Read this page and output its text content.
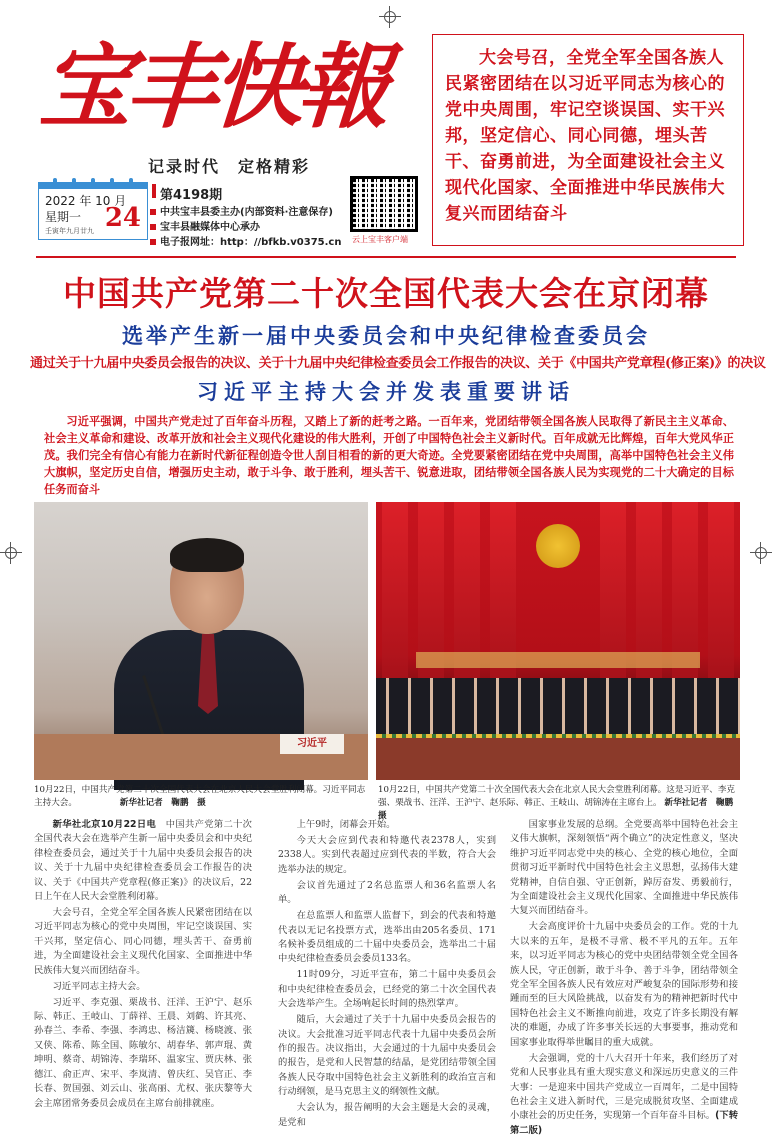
宝丰快報
记录时代　定格精彩
2022 年 10 月
星期一
壬寅年九月廿九 24
第4198期
中共宝丰县委主办(内部资料·注意保存)
宝丰县融媒体中心承办
电子报网址：http：//bfkb.v0375.cn 云上宝丰客户端

大会号召，全党全军全国各族人民紧密团结在以习近平同志为核心的党中央周围，牢记空谈误国、实干兴邦，坚定信心、同心同德，埋头苦干、奋勇前进，为全面建设社会主义现代化国家、全面推进中华民族伟大复兴而团结奋斗

中国共产党第二十次全国代表大会在京闭幕
选举产生新一届中央委员会和中央纪律检查委员会
通过关于十九届中央委员会报告的决议、关于十九届中央纪律检查委员会工作报告的决议、关于《中国共产党章程(修正案)》的决议
习近平主持大会并发表重要讲话
习近平强调，中国共产党走过了百年奋斗历程，又踏上了新的赶考之路。一百年来，党团结带领全国各族人民取得了新民主主义革命、社会主义革命和建设、改革开放和社会主义现代化建设的伟大胜利，开创了中国特色社会主义新时代。百年成就无比辉煌，百年大党风华正茂。我们完全有信心有能力在新时代新征程创造令世人刮目相看的新的更大奇迹。全党要紧密团结在党中央周围，高举中国特色社会主义伟大旗帜，坚定历史自信，增强历史主动，敢于斗争、敢于胜利，埋头苦干、锐意进取，团结带领全国各族人民为实现党的二十大确定的目标任务而奋斗
习近平
10月22日，中国共产党第二十次全国代表大会在北京人民大会堂胜利闭幕。习近平同志主持大会。	新华社记者　鞠鹏　摄
10月22日，中国共产党第二十次全国代表大会在北京人民大会堂胜利闭幕。这是习近平、李克强、栗战书、汪洋、王沪宁、赵乐际、韩正、王岐山、胡锦涛在主席台上。 新华社记者　鞠鹏　摄

新华社北京10月22日电　中国共产党第二十次全国代表大会在选举产生新一届中央委员会和中央纪律检查委员会，通过关于十九届中央委员会报告的决议、关于十九届中央纪律检查委员会工作报告的决议、关于《中国共产党章程(修正案)》的决议后，22日上午在人民大会堂胜利闭幕。

大会号召，全党全军全国各族人民紧密团结在以习近平同志为核心的党中央周围，牢记空谈误国、实干兴邦，坚定信心、同心同德，埋头苦干、奋勇前进，为全面建设社会主义现代化国家、全面推进中华民族伟大复兴而团结奋斗。

习近平同志主持大会。

习近平、李克强、栗战书、汪洋、王沪宁、赵乐际、韩正、王岐山、丁薛祥、王晨、刘鹤、许其亮、孙春兰、李希、李强、李鸿忠、杨洁篪、杨晓渡、张又侠、陈希、陈全国、陈敏尔、胡春华、郭声琨、黄坤明、蔡奇、胡锦涛、李瑞环、温家宝、贾庆林、张德江、俞正声、宋平、李岚清、曾庆红、吴官正、李长春、贺国强、刘云山、张高丽、尤权、张庆黎等大会主席团常务委员会成员在主席台前排就座。

上午9时，闭幕会开始。

今天大会应到代表和特邀代表2378人，实到2338人。实到代表超过应到代表的半数，符合大会选举办法的规定。

会议首先通过了2名总监票人和36名监票人名单。

在总监票人和监票人监督下，到会的代表和特邀代表以无记名投票方式，选举出由205名委员、171名候补委员组成的二十届中央委员会，选举出二十届中央纪律检查委员会委员133名。

11时09分，习近平宣布，第二十届中央委员会和中央纪律检查委员会，已经党的第二十次全国代表大会选举产生。全场响起长时间的热烈掌声。

随后，大会通过了关于十九届中央委员会报告的决议。大会批准习近平同志代表十九届中央委员会所作的报告。决议指出，大会通过的十九届中央委员会的报告，是党和人民智慧的结晶，是党团结带领全国各族人民夺取中国特色社会主义新胜利的政治宣言和行动纲领，是马克思主义的纲领性文献。

大会认为，报告阐明的大会主题是大会的灵魂，是党和

国家事业发展的总纲。全党要高举中国特色社会主义伟大旗帜，深刻领悟“两个确立”的决定性意义，坚决维护习近平同志党中央的核心、全党的核心地位，全面贯彻习近平新时代中国特色社会主义思想，弘扬伟大建党精神，自信自强、守正创新，踔厉奋发、勇毅前行，为全面建设社会主义现代化国家、全面推进中华民族伟大复兴而团结奋斗。

大会高度评价十九届中央委员会的工作。党的十九大以来的五年，是极不寻常、极不平凡的五年。五年来，以习近平同志为核心的党中央团结带领全党全国各族人民，守正创新，敢于斗争、善于斗争，团结带领全党全军全国各族人民有效应对严峻复杂的国际形势和接踵而至的巨大风险挑战，以奋发有为的精神把新时代中国特色社会主义不断推向前进，攻克了许多长期没有解决的难题，办成了许多事关长远的大事要事，推动党和国家事业取得举世瞩目的重大成就。

大会强调，党的十八大召开十年来，我们经历了对党和人民事业具有重大现实意义和深远历史意义的三件大事：一是迎来中国共产党成立一百周年，二是中国特色社会主义进入新时代，三是完成脱贫攻坚、全面建成小康社会的历史任务，实现第一个百年奋斗目标。(下转第二版)
